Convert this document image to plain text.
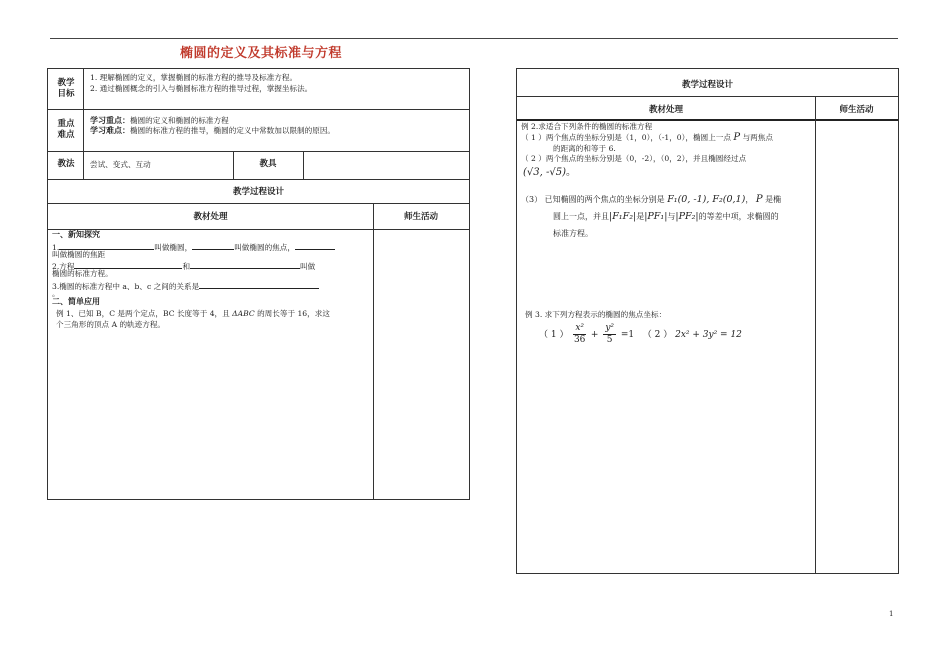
椭圆的定义及其标准与方程
教学目标
1. 理解椭圆的定义，掌握椭圆的标准方程的推导及标准方程。
2. 通过椭圆概念的引入与椭圆标准方程的推导过程，掌握坐标法。
重点难点
学习重点：椭圆的定义和椭圆的标准方程
学习难点：椭圆的标准方程的推导，椭圆的定义中常数加以限制的原因。
教法	尝试、变式、互动	教具
教学过程设计
教材处理	师生活动
一、新知探究
1.	叫做椭圆，	叫做椭圆的焦点，
叫做椭圆的焦距
2.方程	和	叫做
椭圆的标准方程。
3.椭圆的标准方程中 a、b、c 之间的关系是
。
二、简单应用
例 1、已知 B，C 是两个定点，BC 长度等于 4，且 ΔABC 的周长等于 16，求这
个三角形的顶点 A 的轨迹方程。
教学过程设计
教材处理	师生活动
例 2.求适合下列条件的椭圆的标准方程
（ 1 ）两个焦点的坐标分别是（1，0），（-1，0），椭圆上一点 P 与两焦点
的距离的和等于 6.
（ 2 ）两个焦点的坐标分别是（0，-2），（0，2），并且椭圆经过点
(√3, -√5)。
（3） 已知椭圆的两个焦点的坐标分别是 F₁(0, -1), F₂(0,1)， P 是椭
圆上一点，并且|F₁F₂|是|PF₁|与|PF₂|的等差中项，求椭圆的
标准方程。
例 3. 求下列方程表示的椭圆的焦点坐标：
（ 1 ） $\frac{\text{x²}}{36} + \frac{\text{y²}}{5} =1$ （ 2 ） 2x² + 3y² = 12
1
